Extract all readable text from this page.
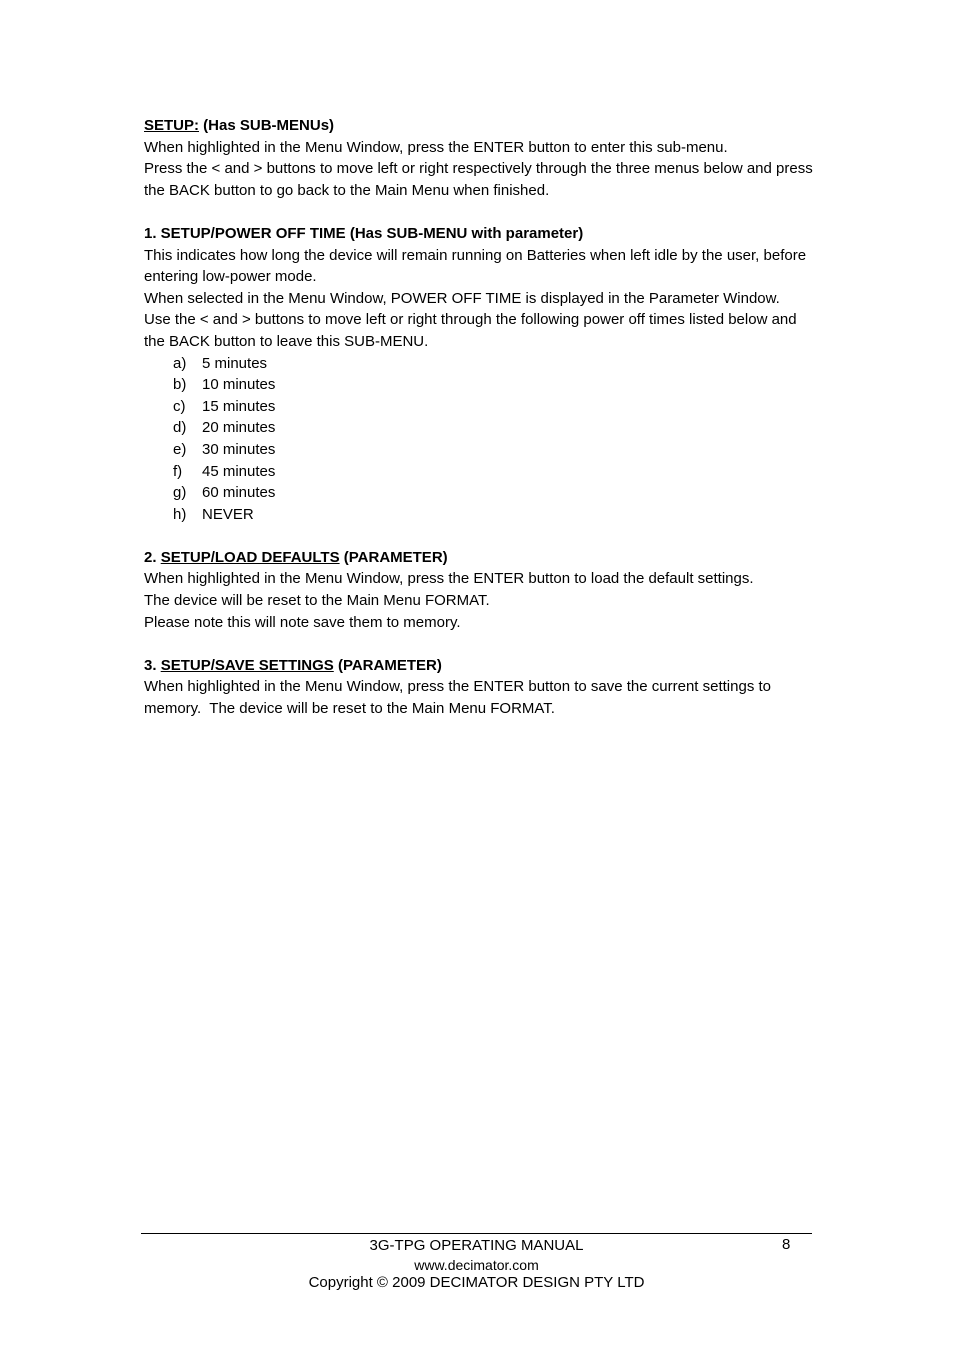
SETUP: (Has SUB-MENUs)

When highlighted in the Menu Window, press the ENTER button to enter this sub-menu.

Press the < and > buttons to move left or right respectively through the three menus below and press the BACK button to go back to the Main Menu when finished.

1. SETUP/POWER OFF TIME (Has SUB-MENU with parameter)

This indicates how long the device will remain running on Batteries when left idle by the user, before entering low-power mode.

When selected in the Menu Window, POWER OFF TIME is displayed in the Parameter Window.

Use the < and > buttons to move left or right through the following power off times listed below and the BACK button to leave this SUB-MENU.

a) 5 minutes
b) 10 minutes
c) 15 minutes
d) 20 minutes
e) 30 minutes
f) 45 minutes
g) 60 minutes
h) NEVER

2. SETUP/LOAD DEFAULTS (PARAMETER)

When highlighted in the Menu Window, press the ENTER button to load the default settings.

The device will be reset to the Main Menu FORMAT.

Please note this will note save them to memory.

3. SETUP/SAVE SETTINGS (PARAMETER)

When highlighted in the Menu Window, press the ENTER button to save the current settings to memory.  The device will be reset to the Main Menu FORMAT.

8

3G-TPG OPERATING MANUAL

www.decimator.com

Copyright © 2009 DECIMATOR DESIGN PTY LTD
